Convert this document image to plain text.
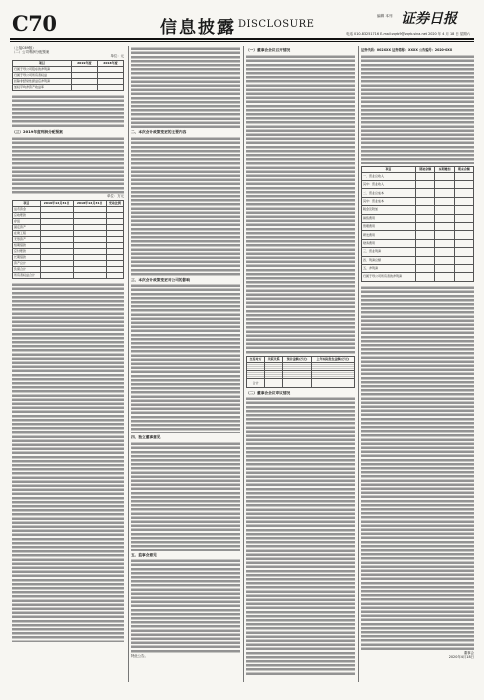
C70	信息披露 DISCLOSURE
编辑 本刊 证券日报
电话 010-83251716 E-mail:zqrb9@zqrb.sina.net 2020 年 4 月 18 日 星期六
（上接C69版）
（二）公司利润分配预案
单位：元
项目	2019年度	2018年度
归属于母公司股东的净利润		
归属于母公司所有者权益		
扣除非经常性损益后净利润		
加权平均净资产收益率		
（三）2019年度利润分配预案
单位：万元
项目	2019年12月31日	2018年12月31日	变动比例
货币资金			
应收账款			
存货			
固定资产			
在建工程			
无形资产			
短期借款			
应付账款			
长期借款			
资产总计			
负债合计			
所有者权益合计			
二、本次会计政策变更的主要内容
三、本次会计政策变更对公司的影响
四、独立董事意见
五、监事会意见
特此公告。
（一）董事会会议召开情况
交易对方	关联关系	预计金额(万元)	上年实际发生金额(万元)

合计			
（二）董事会会议审议情况
证券代码：002XXX 证券简称：XXXX 公告编号：2020-0XX
项目	期初余额	本期增加	期末余额
一、营业总收入			
其中：营业收入			
二、营业总成本			
其中：营业成本			
税金及附加			
销售费用			
管理费用			
研发费用			
财务费用			
三、营业利润			
四、利润总额			
五、净利润			
归属于母公司所有者的净利润			
董事会
2020年4月18日
